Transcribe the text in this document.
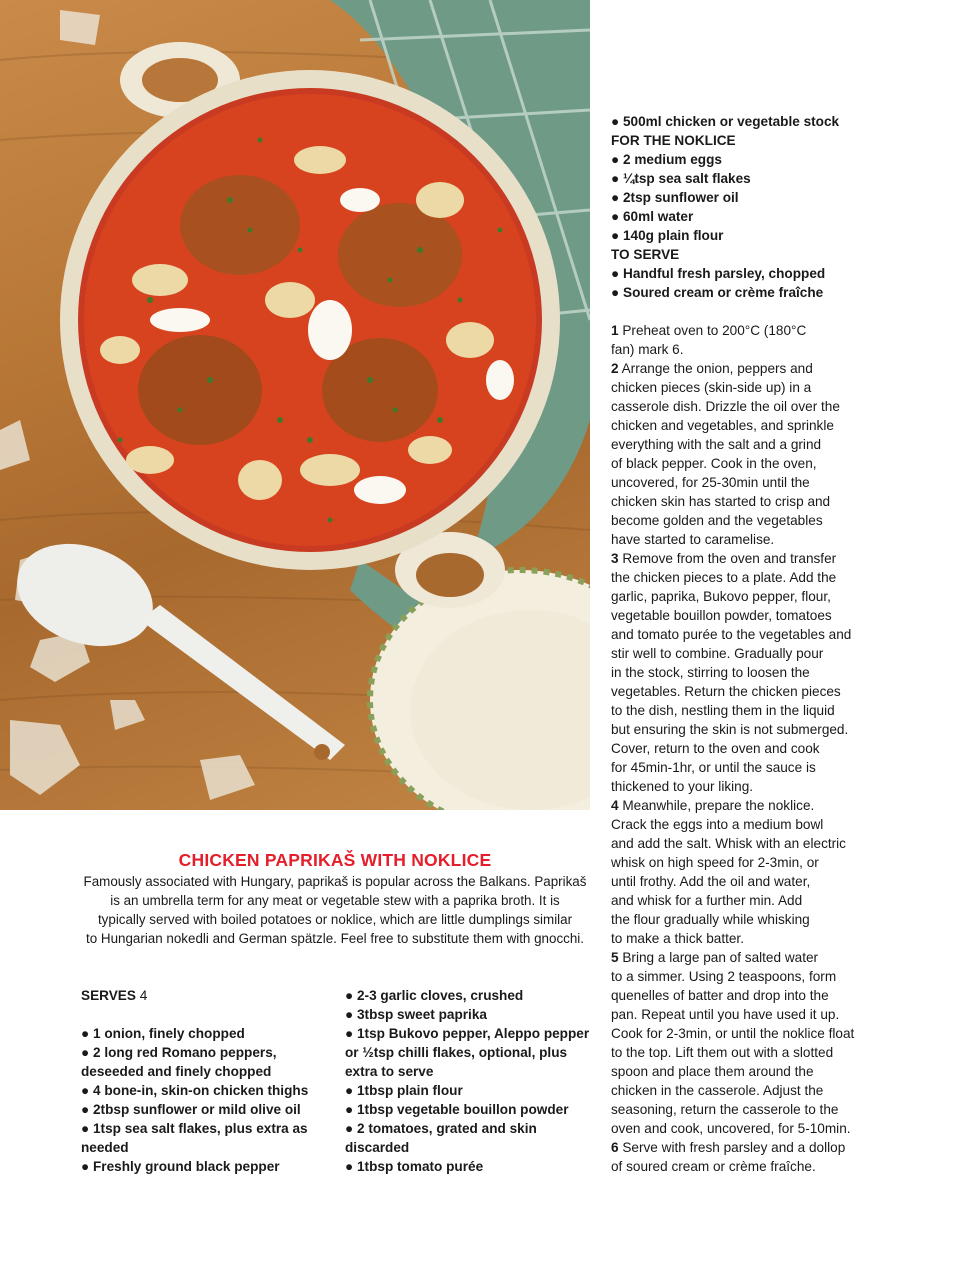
● 500ml chicken or vegetable stock
FOR THE NOKLICE
● 2 medium eggs
● ¼tsp sea salt flakes
● 2tsp sunflower oil
● 60ml water
● 140g plain flour
TO SERVE
● Handful fresh parsley, chopped
● Soured cream or crème fraîche

1 Preheat oven to 200°C (180°C

fan) mark 6.

2 Arrange the onion, peppers and

chicken pieces (skin-side up) in a

casserole dish. Drizzle the oil over the

chicken and vegetables, and sprinkle

everything with the salt and a grind

of black pepper. Cook in the oven,

uncovered, for 25-30min until the

chicken skin has started to crisp and

become golden and the vegetables

have started to caramelise.

3 Remove from the oven and transfer

the chicken pieces to a plate. Add the

garlic, paprika, Bukovo pepper, flour,

vegetable bouillon powder, tomatoes

and tomato purée to the vegetables and

stir well to combine. Gradually pour

in the stock, stirring to loosen the

vegetables. Return the chicken pieces

to the dish, nestling them in the liquid

but ensuring the skin is not submerged.

Cover, return to the oven and cook

for 45min-1hr, or until the sauce is

thickened to your liking.

4 Meanwhile, prepare the noklice.

Crack the eggs into a medium bowl

and add the salt. Whisk with an electric

whisk on high speed for 2-3min, or

until frothy. Add the oil and water,

and whisk for a further min. Add

the flour gradually while whisking

to make a thick batter.

5 Bring a large pan of salted water

to a simmer. Using 2 teaspoons, form

quenelles of batter and drop into the

pan. Repeat until you have used it up.

Cook for 2-3min, or until the noklice float

to the top. Lift them out with a slotted

spoon and place them around the

chicken in the casserole. Adjust the

seasoning, return the casserole to the

oven and cook, uncovered, for 5-10min.

6 Serve with fresh parsley and a dollop

of soured cream or crème fraîche.

CHICKEN PAPRIKAŠ WITH NOKLICE
Famously associated with Hungary, paprikaš is popular across the Balkans. Paprikaš
is an umbrella term for any meat or vegetable stew with a paprika broth. It is
typically served with boiled potatoes or noklice, which are little dumplings similar
to Hungarian nokedli and German spätzle. Feel free to substitute them with gnocchi.
SERVES 4
● 1 onion, finely chopped
● 2 long red Romano peppers, deseeded and finely chopped
● 4 bone-in, skin-on chicken thighs
● 2tbsp sunflower or mild olive oil
● 1tsp sea salt flakes, plus extra as needed
● Freshly ground black pepper
● 2-3 garlic cloves, crushed
● 3tbsp sweet paprika
● 1tsp Bukovo pepper, Aleppo pepper or ½tsp chilli flakes, optional, plus extra to serve
● 1tbsp plain flour
● 1tbsp vegetable bouillon powder
● 2 tomatoes, grated and skin discarded
● 1tbsp tomato purée
